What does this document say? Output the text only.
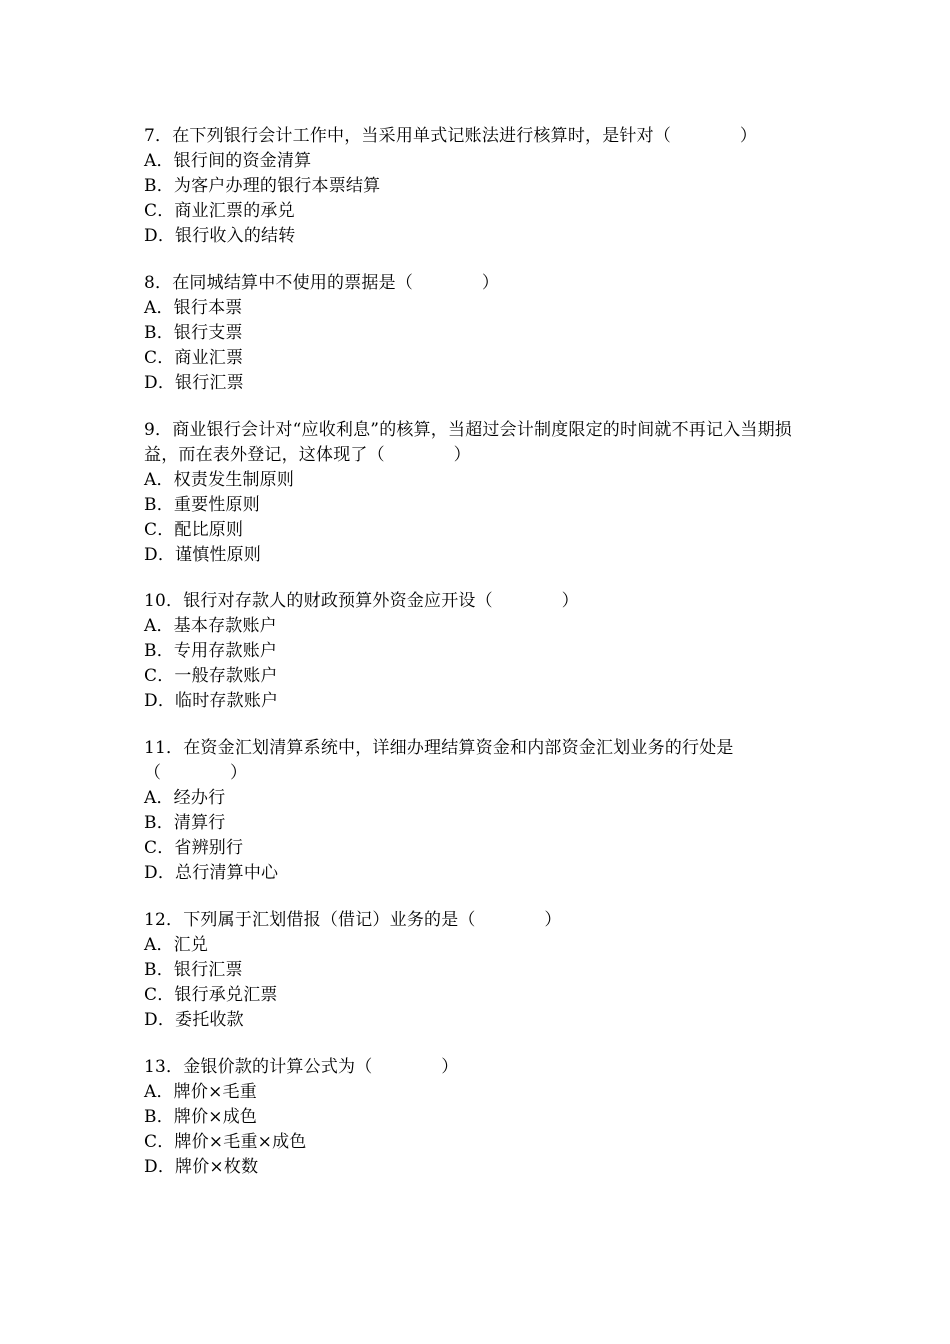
7．在下列银行会计工作中，当采用单式记账法进行核算时，是针对（　　　　）

A．银行间的资金清算

B．为客户办理的银行本票结算

C．商业汇票的承兑

D．银行收入的结转

8．在同城结算中不使用的票据是（　　　　）

A．银行本票

B．银行支票

C．商业汇票

D．银行汇票

9．商业银行会计对“应收利息”的核算，当超过会计制度限定的时间就不再记入当期损益，而在表外登记，这体现了（　　　　）

A．权责发生制原则

B．重要性原则

C．配比原则

D．谨慎性原则

10．银行对存款人的财政预算外资金应开设（　　　　）

A．基本存款账户

B．专用存款账户

C．一般存款账户

D．临时存款账户

11．在资金汇划清算系统中，详细办理结算资金和内部资金汇划业务的行处是（　　　　）

A．经办行

B．清算行

C．省辨别行

D．总行清算中心

12．下列属于汇划借报（借记）业务的是（　　　　）

A．汇兑

B．银行汇票

C．银行承兑汇票

D．委托收款

13．金银价款的计算公式为（　　　　）

A．牌价×毛重

B．牌价×成色

C．牌价×毛重×成色

D．牌价×枚数
